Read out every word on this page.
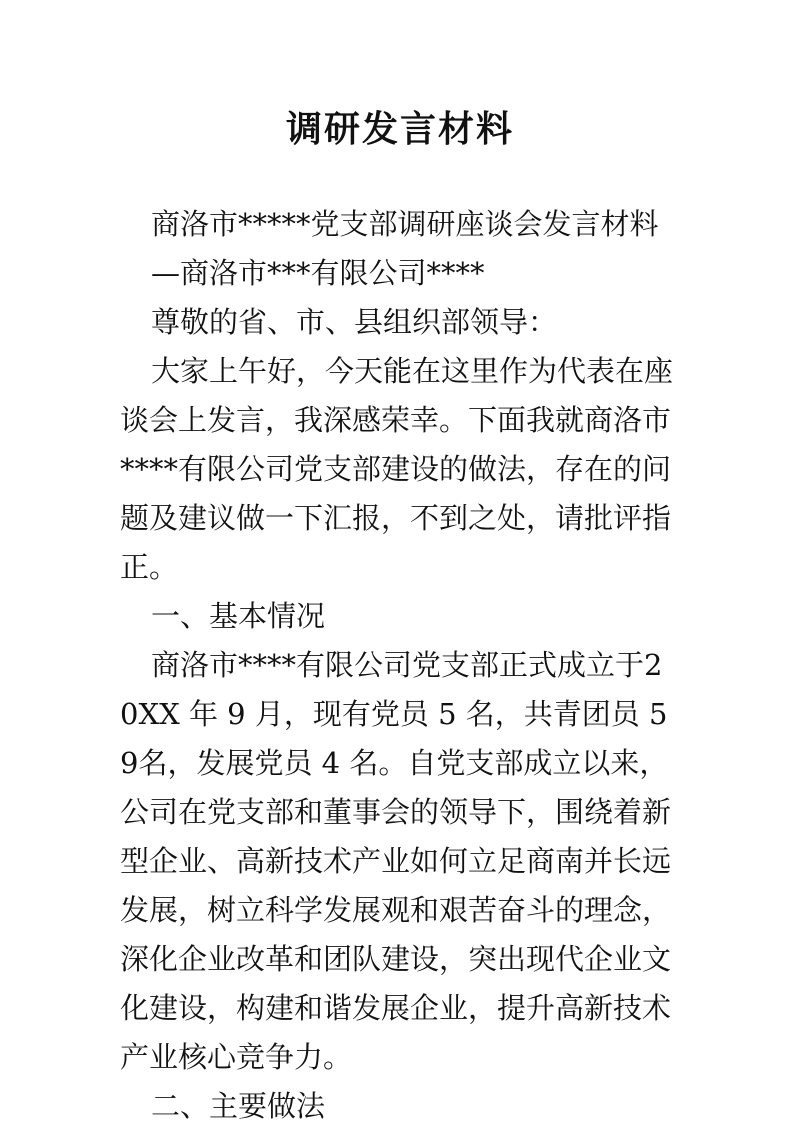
调研发言材料

商洛市*****党支部调研座谈会发言材料

—商洛市***有限公司****

尊敬的省、市、县组织部领导：

大家上午好，今天能在这里作为代表在座谈会上发言，我深感荣幸。下面我就商洛市****有限公司党支部建设的做法，存在的问题及建议做一下汇报，不到之处，请批评指正。

一、基本情况

商洛市****有限公司党支部正式成立于20XX 年 9 月，现有党员 5 名，共青团员 59名，发展党员 4 名。自党支部成立以来，公司在党支部和董事会的领导下，围绕着新型企业、高新技术产业如何立足商南并长远发展，树立科学发展观和艰苦奋斗的理念，深化企业改革和团队建设，突出现代企业文化建设，构建和谐发展企业，提升高新技术产业核心竞争力。

二、主要做法
